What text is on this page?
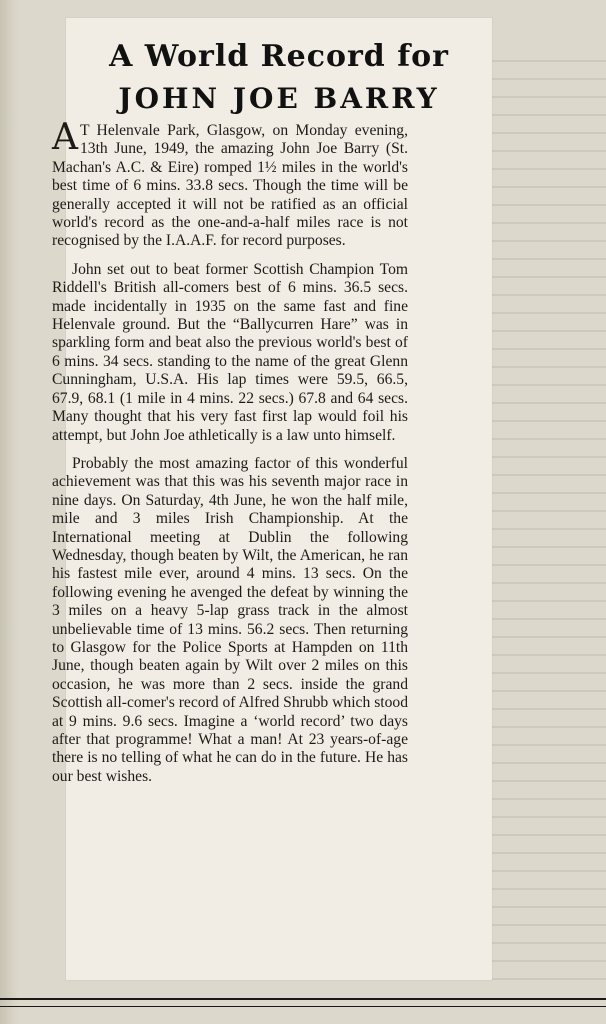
A World Record for
JOHN JOE BARRY

A T Helenvale Park, Glasgow, on Monday evening, 13th June, 1949, the amazing John Joe Barry (St. Machan's A.C. & Eire) romped 1½ miles in the world's best time of 6 mins. 33.8 secs. Though the time will be generally accepted it will not be ratified as an official world's record as the one-and-a-half miles race is not recognised by the I.A.A.F. for record purposes.

John set out to beat former Scottish Champion Tom Riddell's British all-comers best of 6 mins. 36.5 secs. made incidentally in 1935 on the same fast and fine Helenvale ground. But the “Ballycurren Hare” was in sparkling form and beat also the previous world's best of 6 mins. 34 secs. standing to the name of the great Glenn Cunningham, U.S.A. His lap times were 59.5, 66.5, 67.9, 68.1 (1 mile in 4 mins. 22 secs.) 67.8 and 64 secs. Many thought that his very fast first lap would foil his attempt, but John Joe athletically is a law unto himself.

Probably the most amazing factor of this wonderful achievement was that this was his seventh major race in nine days. On Saturday, 4th June, he won the half mile, mile and 3 miles Irish Championship. At the International meeting at Dublin the following Wednesday, though beaten by Wilt, the American, he ran his fastest mile ever, around 4 mins. 13 secs. On the following evening he avenged the defeat by winning the 3 miles on a heavy 5-lap grass track in the almost unbelievable time of 13 mins. 56.2 secs. Then returning to Glasgow for the Police Sports at Hampden on 11th June, though beaten again by Wilt over 2 miles on this occasion, he was more than 2 secs. inside the grand Scottish all-comer's record of Alfred Shrubb which stood at 9 mins. 9.6 secs. Imagine a ‘world record’ two days after that programme! What a man! At 23 years-of-age there is no telling of what he can do in the future. He has our best wishes.
